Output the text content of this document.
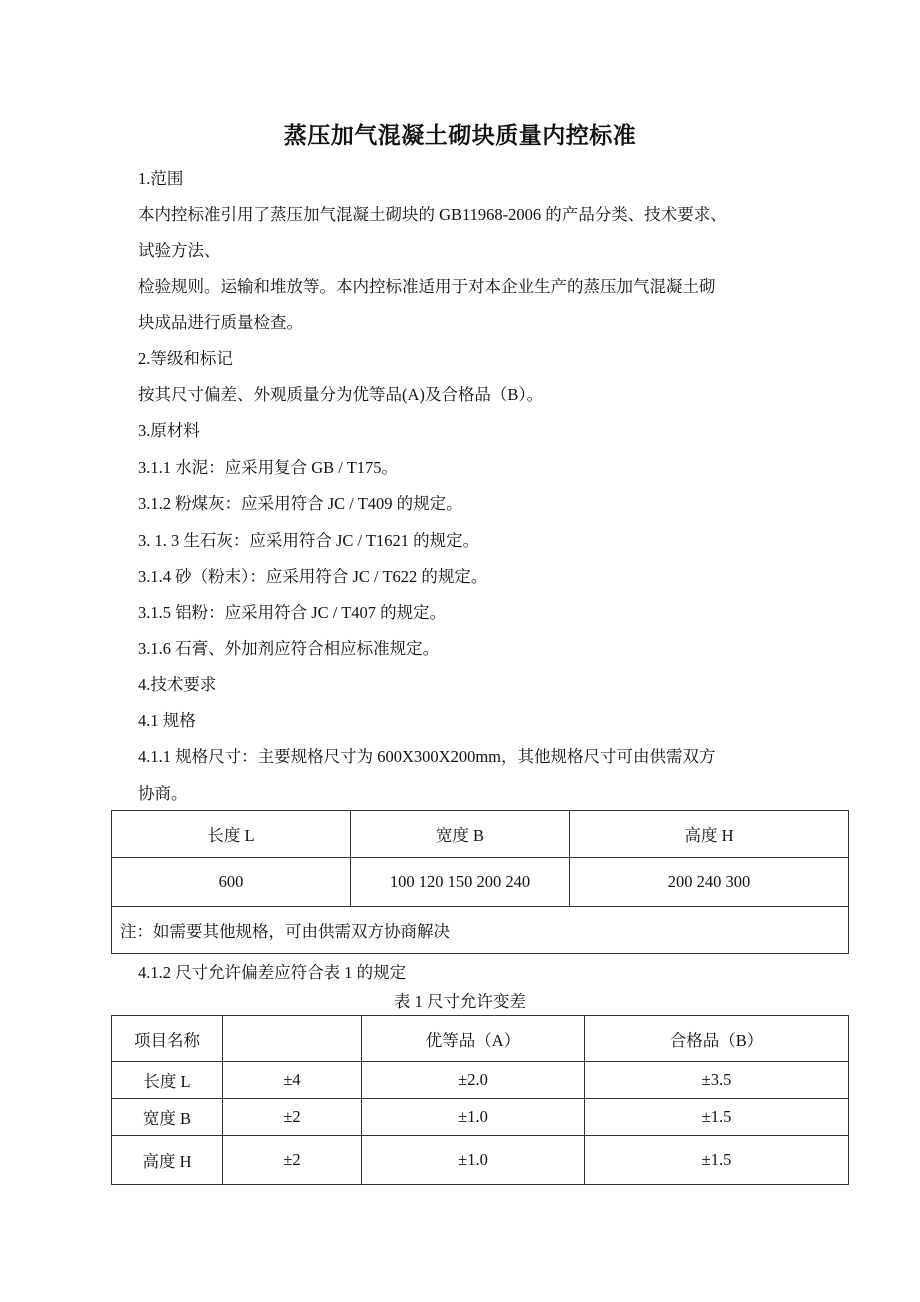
蒸压加气混凝土砌块质量内控标准
1.范围
本内控标准引用了蒸压加气混凝土砌块的 GB11968-2006 的产品分类、技术要求、
试验方法、
检验规则。运输和堆放等。本内控标准适用于对本企业生产的蒸压加气混凝土砌
块成品进行质量检查。
2.等级和标记
按其尺寸偏差、外观质量分为优等品(A)及合格品（B）。
3.原材料
3.1.1 水泥：应采用复合 GB / T175。
3.1.2 粉煤灰：应采用符合 JC / T409 的规定。
3. 1. 3 生石灰：应采用符合 JC / T1621 的规定。
3.1.4 砂（粉末）：应采用符合 JC / T622 的规定。
3.1.5 铝粉：应采用符合 JC / T407 的规定。
3.1.6 石膏、外加剂应符合相应标准规定。
4.技术要求
4.1 规格
4.1.1 规格尺寸：主要规格尺寸为 600X300X200mm，其他规格尺寸可由供需双方
协商。
长度 L	宽度 B	高度 H
600	100 120 150 200 240	200 240 300
注：如需要其他规格，可由供需双方协商解决		
4.1.2 尺寸允许偏差应符合表 1 的规定
表 1 尺寸允许变差
项目名称		优等品（A）	合格品（B）
长度 L	±4	±2.0	±3.5
宽度 B	±2	±1.0	±1.5
高度 H	±2	±1.0	±1.5
